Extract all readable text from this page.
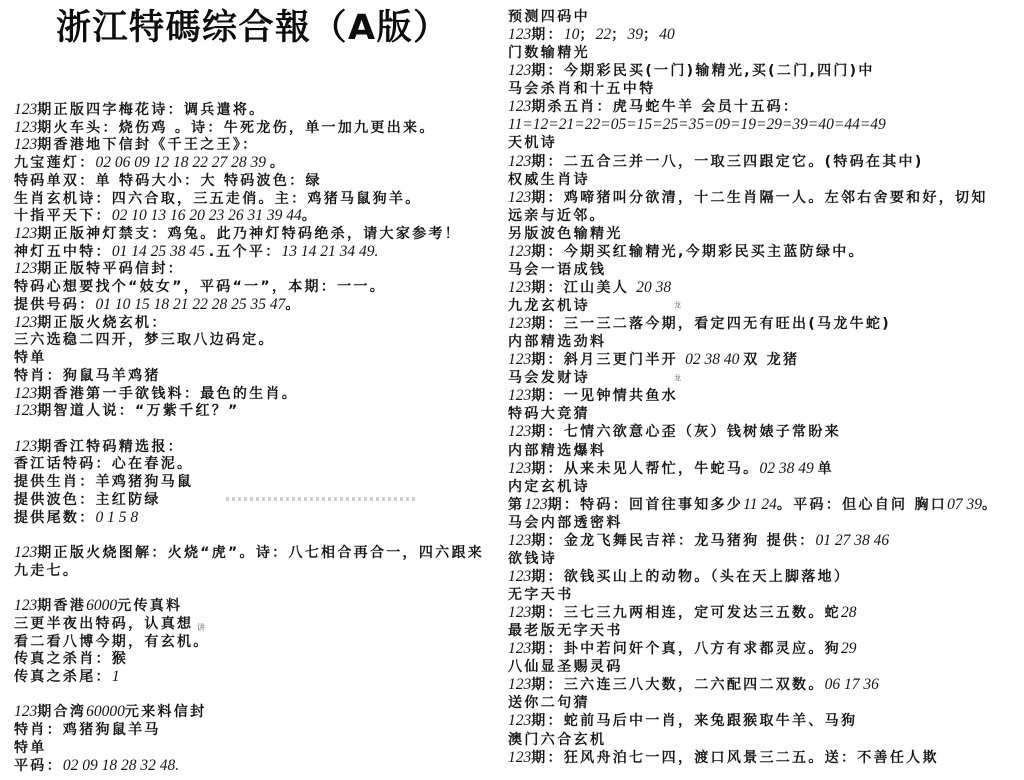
浙江特碼综合報（A版）
123期正版四字梅花诗：调兵遣将。
123期火车头：烧伤鸡 。诗：牛死龙伤，单一加九更出来。
123期香港地下信封《千王之王》：
九宝莲灯：02 06 09 12 18 22 27 28 39 。
特码单双：单 特码大小：大 特码波色：绿
生肖玄机诗：四六合取，三五走俏。主：鸡猪马鼠狗羊。
十指平天下：02 10 13 16 20 23 26 31 39 44。
123期正版神灯禁支：鸡兔。此乃神灯特码绝杀，请大家参考！
神灯五中特：01 14 25 38 45 .五个平：13 14 21 34 49.
123期正版特平码信封：
特码心想要找个“妓女”，平码“一”，本期：一一。
提供号码：01 10 15 18 21 22 28 25 35 47。
123期正版火烧玄机：
三六选稳二四开，梦三取八边码定。
特单
特肖：狗鼠马羊鸡猪
123期香港第一手欲钱料：最色的生肖。
123期智道人说：“万紫千红？”
123期香江特码精选报：
香江话特码：心在春泥。
提供生肖：羊鸡猪狗马鼠
提供波色：主红防绿
提供尾数：0 1 5 8
123期正版火烧图解：火烧“虎”。诗：八七相合再合一，四六跟来
九走七。
123期香港6000元传真料
三更半夜出特码，认真想
看二看八博今期，有玄机。
传真之杀肖：猴
传真之杀尾：1
123期合湾60000元来料信封
特肖：鸡猪狗鼠羊马
特单
平码：02 09 18 28 32 48.
预测四码中
123期：10；22；39；40
门数输精光
123期：今期彩民买(一门)输精光,买(二门,四门)中
马会杀肖和十五中特
123期杀五肖：虎马蛇牛羊 会员十五码：
11=12=21=22=05=15=25=35=09=19=29=39=40=44=49
天机诗
123期：二五合三并一八，一取三四跟定它。(特码在其中)
权威生肖诗
123期：鸡啼猪叫分欲清，十二生肖隔一人。左邻右舍要和好，切知
远亲与近邻。
另版波色输精光
123期：今期买红输精光,今期彩民买主蓝防绿中。
马会一语成钱
123期：江山美人 20 38
九龙玄机诗
123期：三一三二落今期，看定四无有旺出(马龙牛蛇)
内部精选劲料
123期：斜月三更门半开 02 38 40 双 龙猪
马会发财诗
123期：一见钟情共鱼水
特码大竞猜
123期：七情六欲意心歪（灰）钱树婊子常盼来
内部精选爆料
123期：从来未见人帮忙，牛蛇马。02 38 49 单
内定玄机诗
第123期：特码：回首往事知多少11 24。平码：但心自问 胸口07 39。
马会内部透密料
123期：金龙飞舞民吉祥：龙马猪狗 提供：01 27 38 46
欲钱诗
123期：欲钱买山上的动物。（头在天上脚落地）
无字天书
123期：三七三九两相连，定可发达三五数。蛇28
最老版无字天书
123期：卦中若问奸个真，八方有求都灵应。狗29
八仙显圣赐灵码
123期：三六连三八大数，二六配四二双数。06 17 36
送你二句猜
123期：蛇前马后中一肖，来兔跟猴取牛羊、马狗
澳门六合玄机
123期：狂风舟泊七一四，渡口风景三二五。送：不善任人欺
讲
龙
龙
